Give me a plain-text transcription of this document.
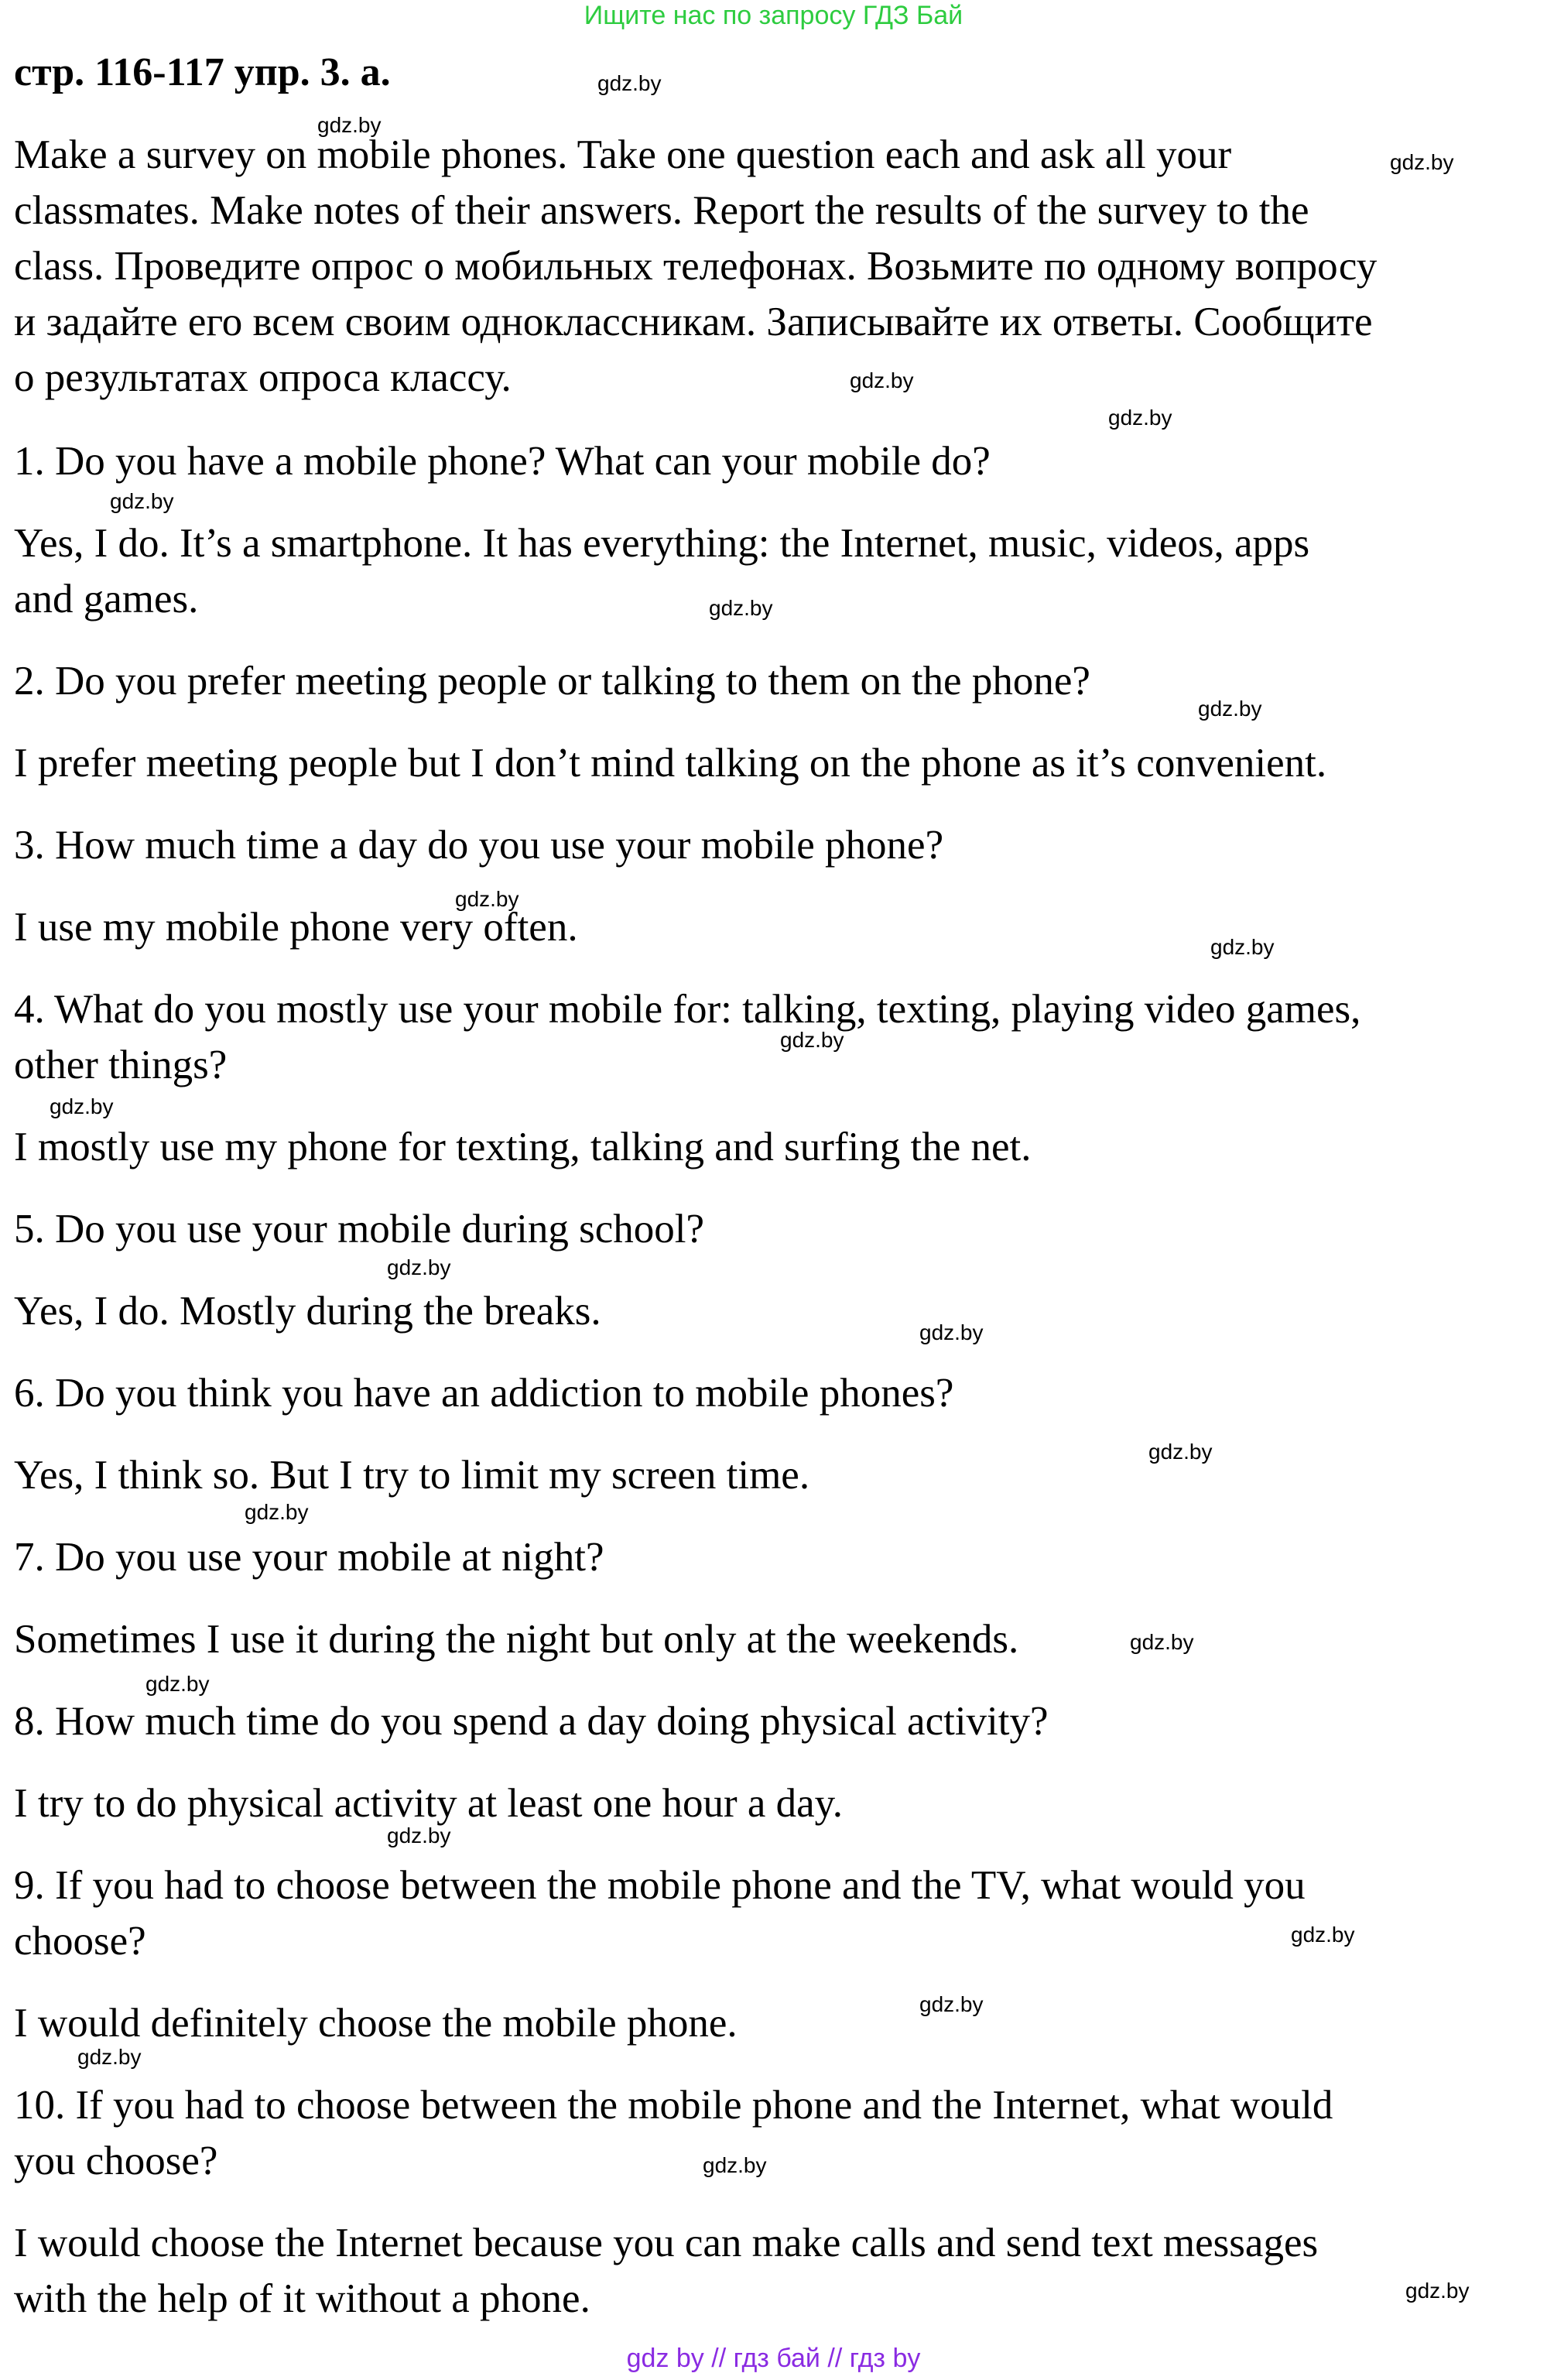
Ищите нас по запросу ГДЗ Бай
стр. 116-117 упр. 3. а.
Make a survey on mobile phones. Take one question each and ask all your
classmates. Make notes of their answers. Report the results of the survey to the
class. Проведите опрос о мобильных телефонах. Возьмите по одному вопросу
и задайте его всем своим одноклассникам. Записывайте их ответы. Сообщите
о результатах опроса классу.
1. Do you have a mobile phone? What can your mobile do?
Yes, I do. It’s a smartphone. It has everything: the Internet, music, videos, apps
and games.
2. Do you prefer meeting people or talking to them on the phone?
I prefer meeting people but I don’t mind talking on the phone as it’s convenient.
3. How much time a day do you use your mobile phone?
I use my mobile phone very often.
4. What do you mostly use your mobile for: talking, texting, playing video games,
other things?
I mostly use my phone for texting, talking and surfing the net.
5. Do you use your mobile during school?
Yes, I do. Mostly during the breaks.
6. Do you think you have an addiction to mobile phones?
Yes, I think so. But I try to limit my screen time.
7. Do you use your mobile at night?
Sometimes I use it during the night but only at the weekends.
8. How much time do you spend a day doing physical activity?
I try to do physical activity at least one hour a day.
9. If you had to choose between the mobile phone and the TV, what would you
choose?
I would definitely choose the mobile phone.
10. If you had to choose between the mobile phone and the Internet, what would
you choose?
I would choose the Internet because you can make calls and send text messages
with the help of it without a phone.
gdz.by
gdz.by
gdz.by
gdz.by
gdz.by
gdz.by
gdz.by
gdz.by
gdz.by
gdz.by
gdz.by
gdz.by
gdz.by
gdz.by
gdz.by
gdz.by
gdz.by
gdz.by
gdz.by
gdz.by
gdz.by
gdz.by
gdz.by
gdz.by
gdz by // гдз бай // гдз by
